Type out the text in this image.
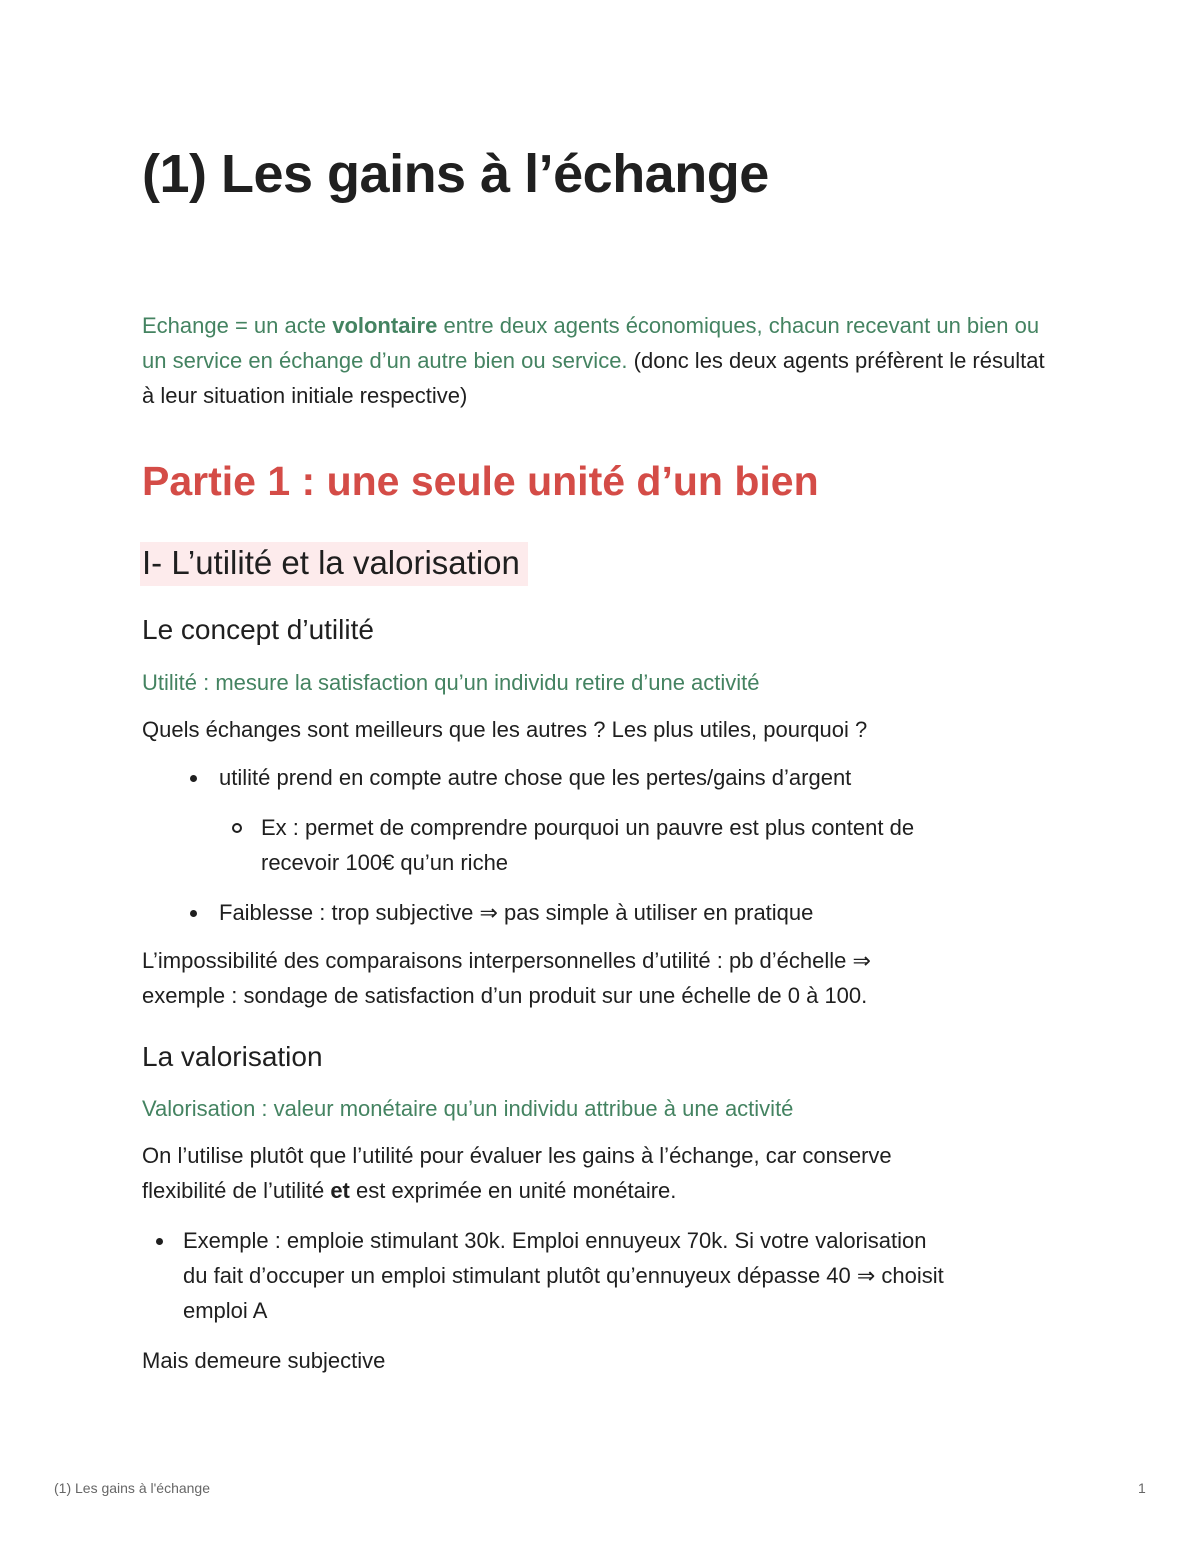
(1) Les gains à l’échange

Echange = un acte volontaire entre deux agents économiques, chacun recevant un bien ou un service en échange d’un autre bien ou service. (donc les deux agents préfèrent le résultat à leur situation initiale respective)

Partie 1 : une seule unité d’un bien
I- L’utilité et la valorisation
Le concept d’utilité

Utilité : mesure la satisfaction qu’un individu retire d’une activité

Quels échanges sont meilleurs que les autres ? Les plus utiles, pourquoi ?

utilité prend en compte autre chose que les pertes/gains d’argent
Ex : permet de comprendre pourquoi un pauvre est plus content de
recevoir 100€ qu’un riche
Faiblesse : trop subjective ⇒ pas simple à utiliser en pratique

L’impossibilité des comparaisons interpersonnelles d’utilité : pb d’échelle ⇒

exemple : sondage de satisfaction d’un produit sur une échelle de 0 à 100.

La valorisation

Valorisation : valeur monétaire qu’un individu attribue à une activité

On l’utilise plutôt que l’utilité pour évaluer les gains à l’échange, car conserve

flexibilité de l’utilité et est exprimée en unité monétaire.

Exemple : emploie stimulant 30k. Emploi ennuyeux 70k. Si votre valorisation
du fait d’occuper un emploi stimulant plutôt qu’ennuyeux dépasse 40 ⇒ choisit
emploi A

Mais demeure subjective

(1) Les gains à l'échange	1
